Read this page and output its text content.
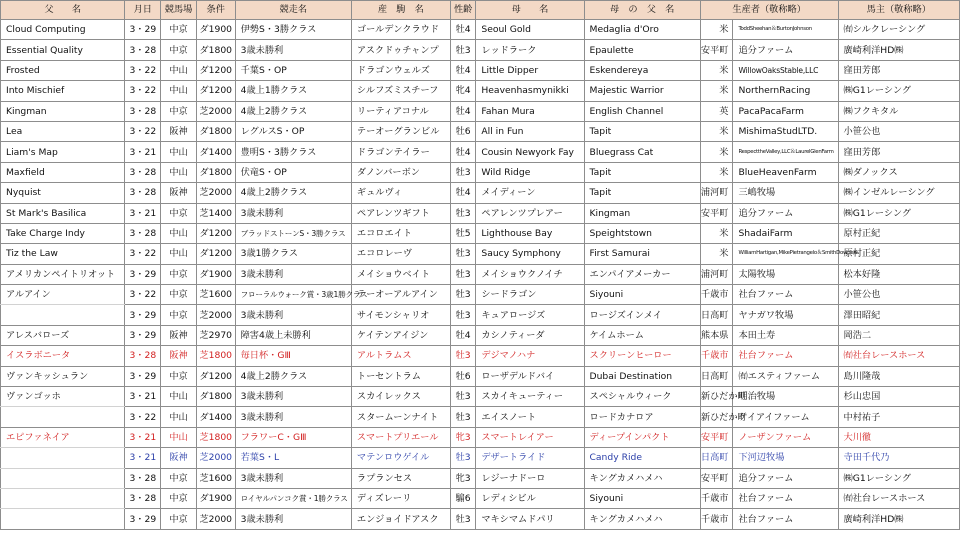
父　　名	月日	競馬場	条件	競走名	産　駒　名	性齢	母　　名	母　の　父　名	生産者（敬称略）		馬主（敬称略）
Cloud Computing	3・29	中京	ダ1900	伊勢S・3勝クラス	ゴールデンクラウド	牡4	Seoul Gold	Medaglia d'Oro	米	ToddSheehan＆BurtonJohnson	㈲シルクレーシング
Essential Quality	3・28	中京	ダ1800	3歳未勝利	アスクドゥチャンプ	牡3	レッドラーク	Epaulette	安平町	追分ファーム	廣崎利洋HD㈱
Frosted	3・22	中山	ダ1200	千葉S・OP	ドラゴンウェルズ	牡4	Little Dipper	Eskendereya	米	WillowOaksStable,LLC	窪田芳郎
Into Mischief	3・22	中山	ダ1200	4歳上1勝クラス	シルフズミスチーフ	牝4	Heavenhasmynikki	Majestic Warrior	米	NorthernRacing	㈱G1レーシング
Kingman	3・28	中京	芝2000	4歳上2勝クラス	リーティアコナル	牡4	Fahan Mura	English Channel	英	PacaPacaFarm	㈱フクキタル
Lea	3・22	阪神	ダ1800	レグルスS・OP	テーオーグランビル	牡6	All in Fun	Tapit	米	MishimaStudLTD.	小笹公也
Liam's Map	3・21	中山	ダ1400	豊明S・3勝クラス	ドラゴンテイラー	牡4	Cousin Newyork Fay	Bluegrass Cat	米	RespecttheValley,LLC＆LaurelGlenFarm	窪田芳郎
Maxfield	3・28	中山	ダ1800	伏竜S・OP	ダノンバーボン	牡3	Wild Ridge	Tapit	米	BlueHeavenFarm	㈱ダノックス
Nyquist	3・28	阪神	芝2000	4歳上2勝クラス	ギュルヴィ	牡4	メイディーン	Tapit	浦河町	三嶋牧場	㈱インゼルレーシング
St Mark's Basilica	3・21	中京	芝1400	3歳未勝利	ペアレンツギフト	牡3	ペアレンツプレアー	Kingman	安平町	追分ファーム	㈱G1レーシング
Take Charge Indy	3・28	中山	ダ1200	ブラッドストーンS・3勝クラス	エコロエイト	牡5	Lighthouse Bay	Speightstown	米	ShadaiFarm	原村正紀
Tiz the Law	3・22	中山	ダ1200	3歳1勝クラス	エコロレーヴ	牡3	Saucy Symphony	First Samurai	米	WilliamHartigan,MikePietrangelo＆SmithDowners	原村正紀
アメリカンペイトリオット	3・29	中京	ダ1900	3歳未勝利	メイショウベイト	牡3	メイショウクノイチ	エンパイアメーカー	浦河町	太陽牧場	松本好隆
アルアイン	3・22	中京	芝1600	フローラルウォーク賞・3歳1勝クラス	テーオーアルアイン	牡3	シードラゴン	Siyouni	千歳市	社台ファーム	小笹公也
	3・29	中京	芝2000	3歳未勝利	サイモンシャリオ	牡3	キュアロージズ	ロージズインメイ	日高町	ヤナガワ牧場	澤田昭紀
アレスバローズ	3・29	阪神	芝2970	障害4歳上未勝利	ケイテンアイジン	牡4	カシノティーダ	ケイムホーム	熊本県	本田土寿	岡浩二
イスラボニータ	3・28	阪神	芝1800	毎日杯・GⅢ	アルトラムス	牡3	デジマノハナ	スクリーンヒーロー	千歳市	社台ファーム	㈲社台レースホース
ヴァンキッシュラン	3・29	中京	ダ1200	4歳上2勝クラス	トーセントラム	牡6	ローザデルドバイ	Dubai Destination	日高町	㈲エスティファーム	島川隆哉
ヴァンゴッホ	3・21	中山	ダ1800	3歳未勝利	スカイレックス	牡3	スカイキューティー	スペシャルウィーク	新ひだか町	明治牧場	杉山忠国
	3・22	中山	ダ1400	3歳未勝利	スタームーンナイト	牡3	エイスノート	ロードカナロア	新ひだか町	ケイアイファーム	中村祐子
エピファネイア	3・21	中山	芝1800	フラワーC・GⅢ	スマートプリエール	牝3	スマートレイアー	ディープインパクト	安平町	ノーザンファーム	大川徹
	3・21	阪神	芝2000	若葉S・L	マテンロウゲイル	牡3	デザートライド	Candy Ride	日高町	下河辺牧場	寺田千代乃
	3・28	中京	芝1600	3歳未勝利	ラプランセス	牝3	レジーナドーロ	キングカメハメハ	安平町	追分ファーム	㈱G1レーシング
	3・28	中京	ダ1900	ロイヤルパンコク賞・1勝クラス	ディズレーリ	騸6	レディシビル	Siyouni	千歳市	社台ファーム	㈲社台レースホース
	3・29	中京	芝2000	3歳未勝利	エンジョイドアスク	牡3	マキシマムドパリ	キングカメハメハ	千歳市	社台ファーム	廣崎利洋HD㈱
